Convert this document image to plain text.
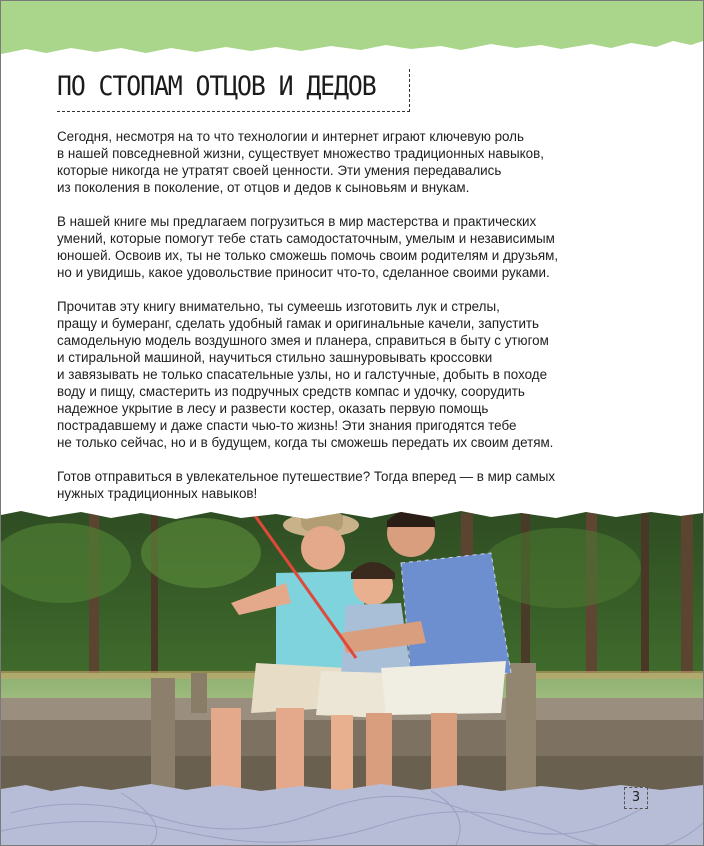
ПО СТОПАМ ОТЦОВ И ДЕДОВ

Сегодня, несмотря на то что технологии и интернет играют ключевую роль
в нашей повседневной жизни, существует множество традиционных навыков,
которые никогда не утратят своей ценности. Эти умения передавались
из поколения в поколение, от отцов и дедов к сыновьям и внукам.

В нашей книге мы предлагаем погрузиться в мир мастерства и практических
умений, которые помогут тебе стать самодостаточным, умелым и независимым
юношей. Освоив их, ты не только сможешь помочь своим родителям и друзьям,
но и увидишь, какое удовольствие приносит что-то, сделанное своими руками.

Прочитав эту книгу внимательно, ты сумеешь изготовить лук и стрелы,
пращу и бумеранг, сделать удобный гамак и оригинальные качели, запустить
самодельную модель воздушного змея и планера, справиться в быту с утюгом
и стиральной машиной, научиться стильно зашнуровывать кроссовки
и завязывать не только спасательные узлы, но и галстучные, добыть в походе
воду и пищу, смастерить из подручных средств компас и удочку, соорудить
надежное укрытие в лесу и развести костер, оказать первую помощь
пострадавшему и даже спасти чью-то жизнь! Эти знания пригодятся тебе
не только сейчас, но и в будущем, когда ты сможешь передать их своим детям.

Готов отправиться в увлекательное путешествие? Тогда вперед — в мир самых
нужных традиционных навыков!

3
